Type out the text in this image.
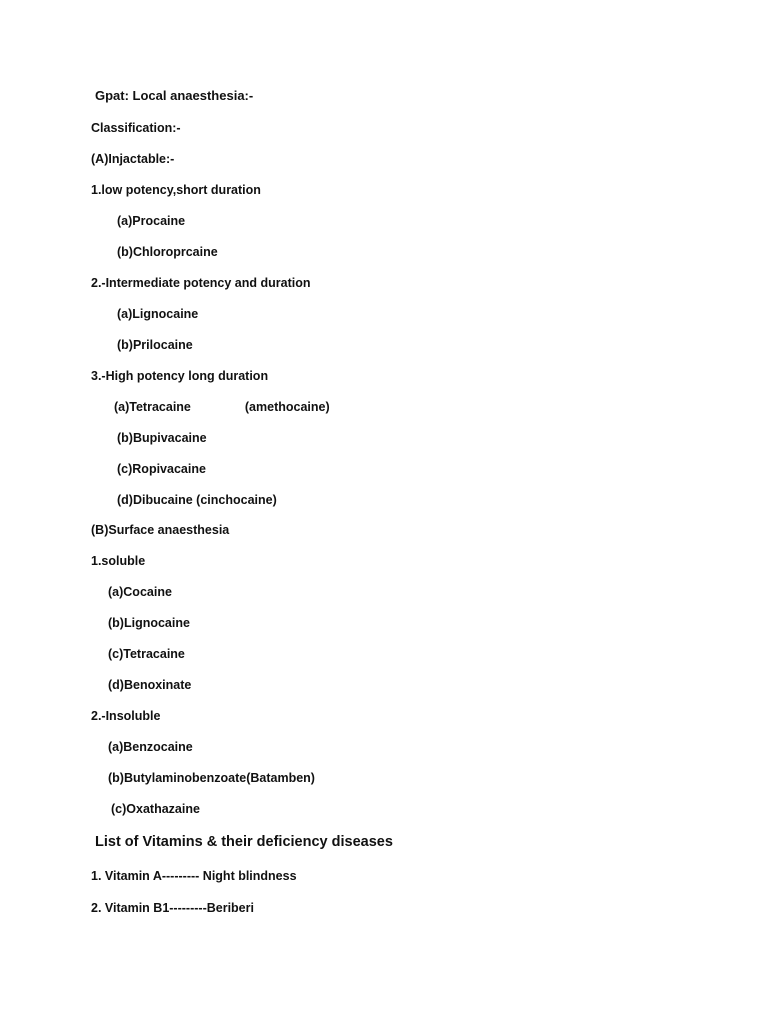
Gpat: Local anaesthesia:-
Classification:-
(A)Injactable:-
1.low potency,short duration
(a)Procaine
(b)Chloroprcaine
2.-Intermediate potency and duration
(a)Lignocaine
(b)Prilocaine
3.-High potency long duration
(a)Tetracaine	(amethocaine)
(b)Bupivacaine
(c)Ropivacaine
(d)Dibucaine (cinchocaine)
(B)Surface anaesthesia
1.soluble
(a)Cocaine
(b)Lignocaine
(c)Tetracaine
(d)Benoxinate
2.-Insoluble
(a)Benzocaine
(b)Butylaminobenzoate(Batamben)
(c)Oxathazaine
List of Vitamins & their deficiency diseases
1. Vitamin A--------- Night blindness
2. Vitamin B1---------Beriberi
